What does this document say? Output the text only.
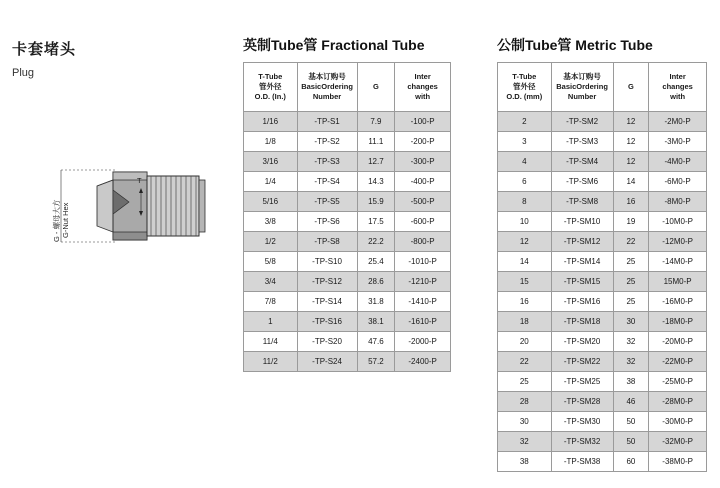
卡套堵头
Plug
G - 螺母大方 G-Nut Hex
T
英制Tube管 Fractional Tube
T-Tube
管外径
O.D. (In.)	基本订购号
BasicOrdering
Number	G	Inter
changes
with

1/16	-TP-S1	7.9	-100-P
1/8	-TP-S2	11.1	-200-P
3/16	-TP-S3	12.7	-300-P
1/4	-TP-S4	14.3	-400-P
5/16	-TP-S5	15.9	-500-P
3/8	-TP-S6	17.5	-600-P
1/2	-TP-S8	22.2	-800-P
5/8	-TP-S10	25.4	-1010-P
3/4	-TP-S12	28.6	-1210-P
7/8	-TP-S14	31.8	-1410-P
1	-TP-S16	38.1	-1610-P
11/4	-TP-S20	47.6	-2000-P
11/2	-TP-S24	57.2	-2400-P
公制Tube管 Metric Tube
T-Tube
管外径
O.D. (mm)	基本订购号
BasicOrdering
Number	G	Inter
changes
with

2	-TP-SM2	12	-2M0-P
3	-TP-SM3	12	-3M0-P
4	-TP-SM4	12	-4M0-P
6	-TP-SM6	14	-6M0-P
8	-TP-SM8	16	-8M0-P
10	-TP-SM10	19	-10M0-P
12	-TP-SM12	22	-12M0-P
14	-TP-SM14	25	-14M0-P
15	-TP-SM15	25	15M0-P
16	-TP-SM16	25	-16M0-P
18	-TP-SM18	30	-18M0-P
20	-TP-SM20	32	-20M0-P
22	-TP-SM22	32	-22M0-P
25	-TP-SM25	38	-25M0-P
28	-TP-SM28	46	-28M0-P
30	-TP-SM30	50	-30M0-P
32	-TP-SM32	50	-32M0-P
38	-TP-SM38	60	-38M0-P
